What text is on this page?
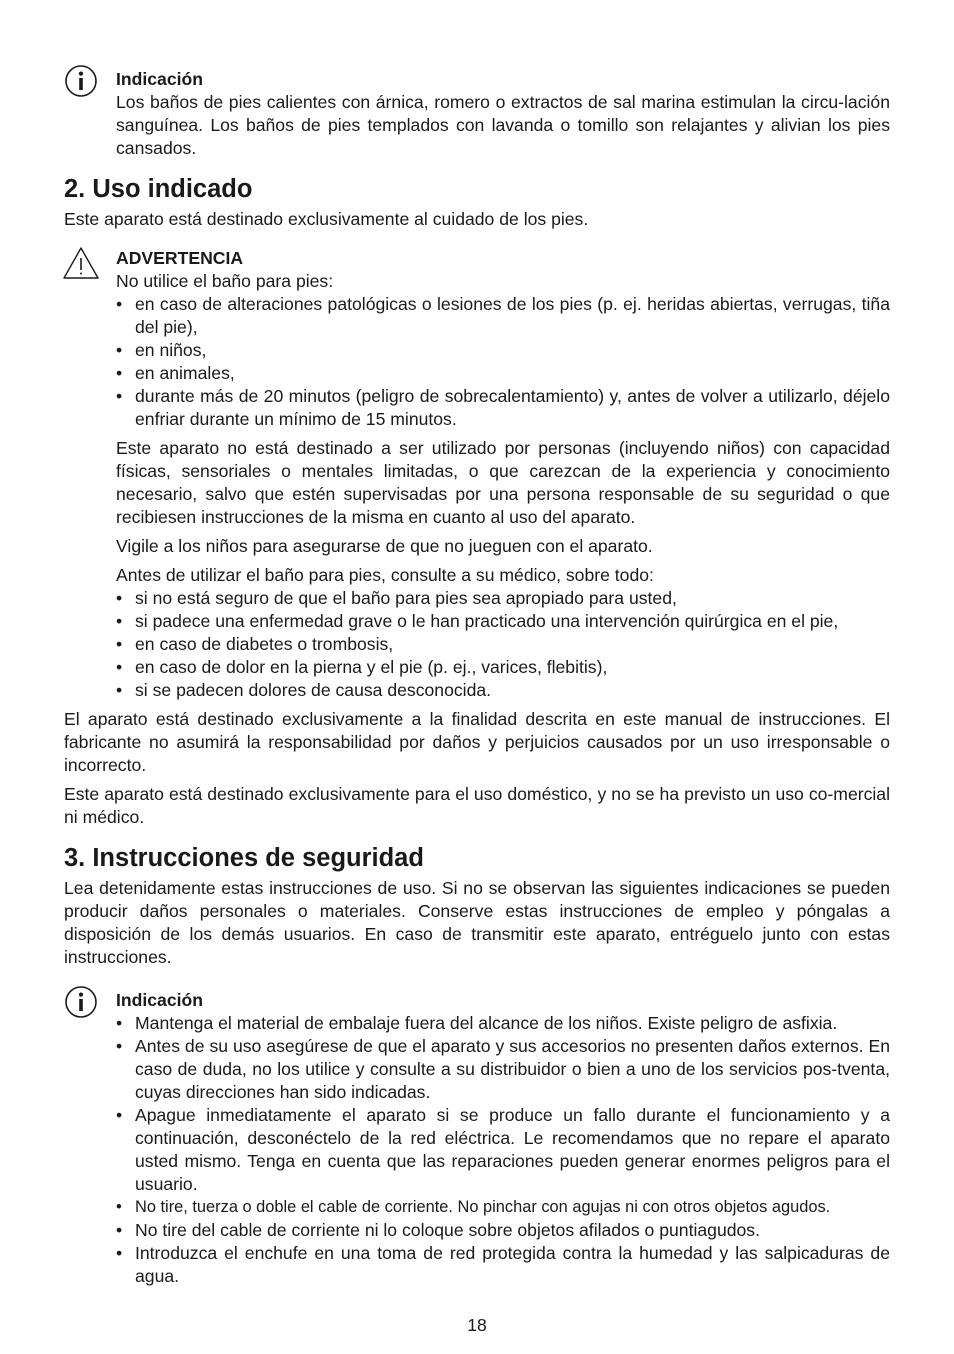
Indicación

Los baños de pies calientes con árnica, romero o extractos de sal marina estimulan la circu-lación sanguínea. Los baños de pies templados con lavanda o tomillo son relajantes y alivian los pies cansados.

2. Uso indicado

Este aparato está destinado exclusivamente al cuidado de los pies.

ADVERTENCIA

No utilice el baño para pies:

• en caso de alteraciones patológicas o lesiones de los pies (p. ej. heridas abiertas, verrugas, tiña del pie),
• en niños,
• en animales,
• durante más de 20 minutos (peligro de sobrecalentamiento) y, antes de volver a utilizarlo, déjelo enfriar durante un mínimo de 15 minutos.

Este aparato no está destinado a ser utilizado por personas (incluyendo niños) con capacidad físicas, sensoriales o mentales limitadas, o que carezcan de la experiencia y conocimiento necesario, salvo que estén supervisadas por una persona responsable de su seguridad o que recibiesen instrucciones de la misma en cuanto al uso del aparato.

Vigile a los niños para asegurarse de que no jueguen con el aparato.

Antes de utilizar el baño para pies, consulte a su médico, sobre todo:

• si no está seguro de que el baño para pies sea apropiado para usted,
• si padece una enfermedad grave o le han practicado una intervención quirúrgica en el pie,
• en caso de diabetes o trombosis,
• en caso de dolor en la pierna y el pie (p. ej., varices, flebitis),
• si se padecen dolores de causa desconocida.

El aparato está destinado exclusivamente a la finalidad descrita en este manual de instrucciones. El fabricante no asumirá la responsabilidad por daños y perjuicios causados por un uso irresponsable o incorrecto.

Este aparato está destinado exclusivamente para el uso doméstico, y no se ha previsto un uso co-mercial ni médico.

3. Instrucciones de seguridad

Lea detenidamente estas instrucciones de uso. Si no se observan las siguientes indicaciones se pueden producir daños personales o materiales. Conserve estas instrucciones de empleo y póngalas a disposición de los demás usuarios. En caso de transmitir este aparato, entréguelo junto con estas instrucciones.

Indicación
• Mantenga el material de embalaje fuera del alcance de los niños. Existe peligro de asfixia.
• Antes de su uso asegúrese de que el aparato y sus accesorios no presenten daños externos. En caso de duda, no los utilice y consulte a su distribuidor o bien a uno de los servicios pos-tventa, cuyas direcciones han sido indicadas.
• Apague inmediatamente el aparato si se produce un fallo durante el funcionamiento y a continuación, desconéctelo de la red eléctrica. Le recomendamos que no repare el aparato usted mismo. Tenga en cuenta que las reparaciones pueden generar enormes peligros para el usuario.
• No tire, tuerza o doble el cable de corriente. No pinchar con agujas ni con otros objetos agudos.
• No tire del cable de corriente ni lo coloque sobre objetos afilados o puntiagudos.
• Introduzca el enchufe en una toma de red protegida contra la humedad y las salpicaduras de agua.
18
